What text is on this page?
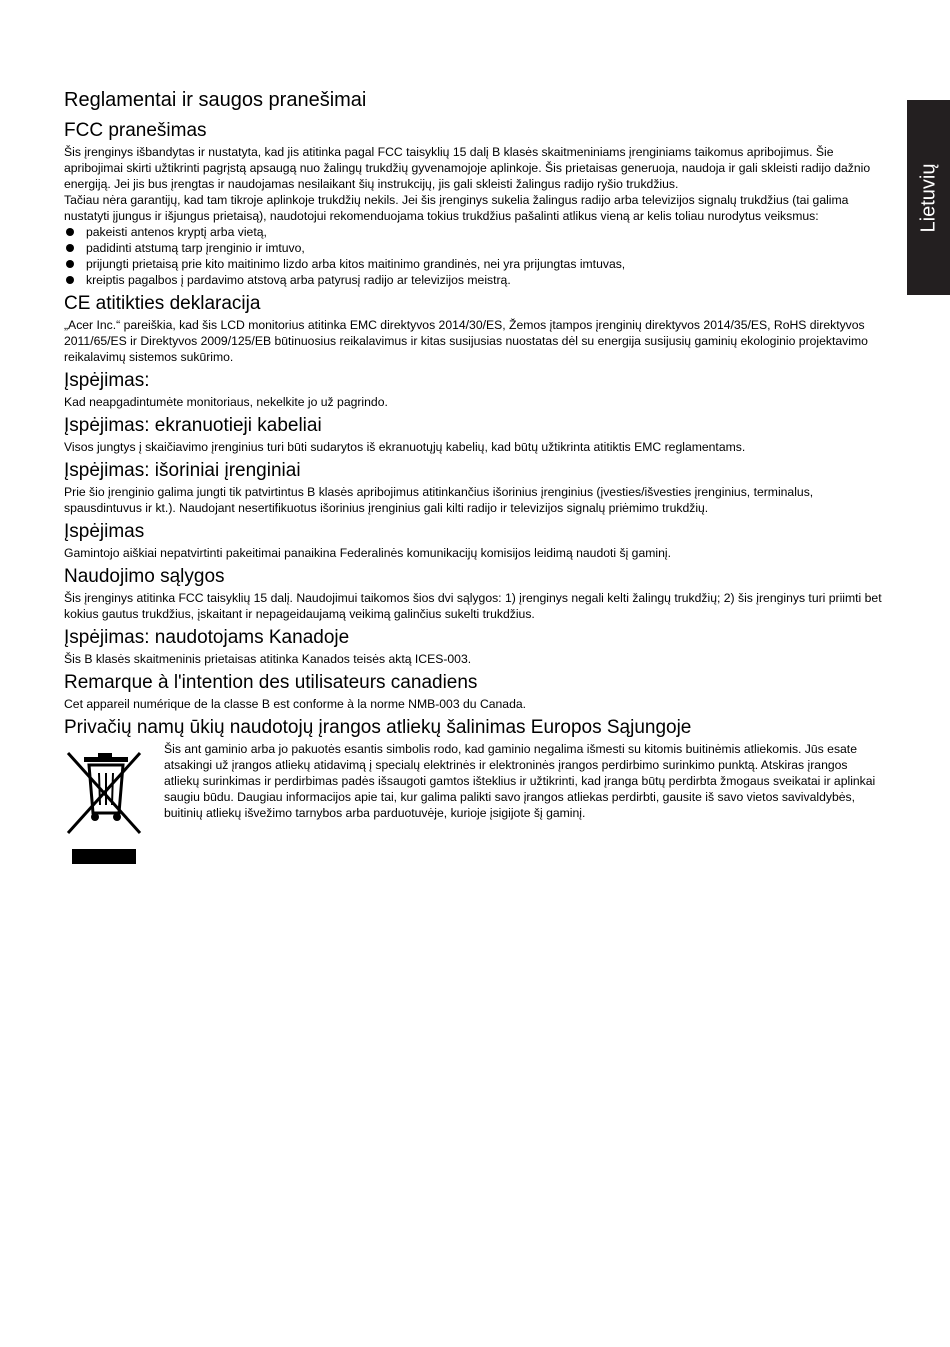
Lietuvių
Reglamentai ir saugos pranešimai
FCC pranešimas

Šis įrenginys išbandytas ir nustatyta, kad jis atitinka pagal FCC taisyklių 15 dalį B klasės skaitmeniniams įrenginiams taikomus apribojimus. Šie apribojimai skirti užtikrinti pagrįstą apsaugą nuo žalingų trukdžių gyvenamojoje aplinkoje. Šis prietaisas generuoja, naudoja ir gali skleisti radijo dažnio energiją. Jei jis bus įrengtas ir naudojamas nesilaikant šių instrukcijų, jis gali skleisti žalingus radijo ryšio trukdžius.

Tačiau nėra garantijų, kad tam tikroje aplinkoje trukdžių nekils. Jei šis įrenginys sukelia žalingus radijo arba televizijos signalų trukdžius (tai galima nustatyti įjungus ir išjungus prietaisą), naudotojui rekomenduojama tokius trukdžius pašalinti atlikus vieną ar kelis toliau nurodytus veiksmus:

pakeisti antenos kryptį arba vietą,
padidinti atstumą tarp įrenginio ir imtuvo,
prijungti prietaisą prie kito maitinimo lizdo arba kitos maitinimo grandinės, nei yra prijungtas imtuvas,
kreiptis pagalbos į pardavimo atstovą arba patyrusį radijo ar televizijos meistrą.
CE atitikties deklaracija

„Acer Inc.“ pareiškia, kad šis LCD monitorius atitinka EMC direktyvos 2014/30/ES, Žemos įtampos įrenginių direktyvos 2014/35/ES, RoHS direktyvos 2011/65/ES ir Direktyvos 2009/125/EB būtinuosius reikalavimus ir kitas susijusias nuostatas dėl su energija susijusių gaminių ekologinio projektavimo reikalavimų sistemos sukūrimo.

Įspėjimas:

Kad neapgadintumėte monitoriaus, nekelkite jo už pagrindo.

Įspėjimas: ekranuotieji kabeliai

Visos jungtys į skaičiavimo įrenginius turi būti sudarytos iš ekranuotųjų kabelių, kad būtų užtikrinta atitiktis EMC reglamentams.

Įspėjimas: išoriniai įrenginiai

Prie šio įrenginio galima jungti tik patvirtintus B klasės apribojimus atitinkančius išorinius įrenginius (įvesties/išvesties įrenginius, terminalus, spausdintuvus ir kt.). Naudojant nesertifikuotus išorinius įrenginius gali kilti radijo ir televizijos signalų priėmimo trukdžių.

Įspėjimas

Gamintojo aiškiai nepatvirtinti pakeitimai panaikina Federalinės komunikacijų komisijos leidimą naudoti šį gaminį.

Naudojimo sąlygos

Šis įrenginys atitinka FCC taisyklių 15 dalį. Naudojimui taikomos šios dvi sąlygos: 1) įrenginys negali kelti žalingų trukdžių; 2) šis įrenginys turi priimti bet kokius gautus trukdžius, įskaitant ir nepageidaujamą veikimą galinčius sukelti trukdžius.

Įspėjimas: naudotojams Kanadoje

Šis B klasės skaitmeninis prietaisas atitinka Kanados teisės aktą ICES-003.

Remarque à l'intention des utilisateurs canadiens

Cet appareil numérique de la classe B est conforme à la norme NMB-003 du Canada.

Privačių namų ūkių naudotojų įrangos atliekų šalinimas Europos Sąjungoje

Šis ant gaminio arba jo pakuotės esantis simbolis rodo, kad gaminio negalima išmesti su kitomis buitinėmis atliekomis. Jūs esate atsakingi už įrangos atliekų atidavimą į specialų elektrinės ir elektroninės įrangos perdirbimo surinkimo punktą. Atskiras įrangos atliekų surinkimas ir perdirbimas padės išsaugoti gamtos išteklius ir užtikrinti, kad įranga būtų perdirbta žmogaus sveikatai ir aplinkai saugiu būdu. Daugiau informacijos apie tai, kur galima palikti savo įrangos atliekas perdirbti, gausite iš savo vietos savivaldybės, buitinių atliekų išvežimo tarnybos arba parduotuvėje, kurioje įsigijote šį gaminį.
